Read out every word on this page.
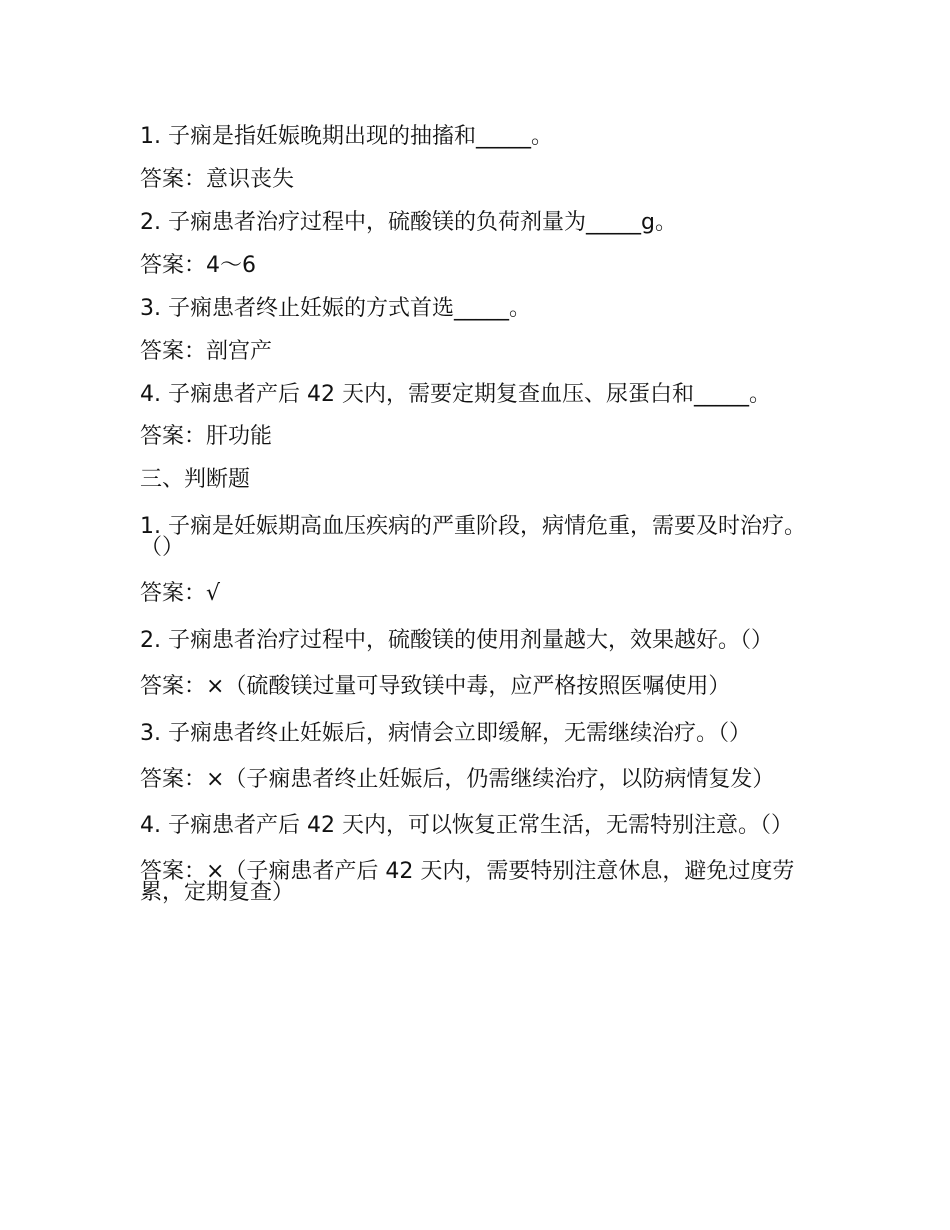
1. 子痫是指妊娠晚期出现的抽搐和_____。

答案：意识丧失

2. 子痫患者治疗过程中，硫酸镁的负荷剂量为_____g。

答案：4～6

3. 子痫患者终止妊娠的方式首选_____。

答案：剖宫产

4. 子痫患者产后 42 天内，需要定期复查血压、尿蛋白和_____。

答案：肝功能

三、判断题

1. 子痫是妊娠期高血压疾病的严重阶段，病情危重，需要及时治疗。（）

答案：√

2. 子痫患者治疗过程中，硫酸镁的使用剂量越大，效果越好。（）

答案：×（硫酸镁过量可导致镁中毒，应严格按照医嘱使用）

3. 子痫患者终止妊娠后，病情会立即缓解，无需继续治疗。（）

答案：×（子痫患者终止妊娠后，仍需继续治疗，以防病情复发）

4. 子痫患者产后 42 天内，可以恢复正常生活，无需特别注意。（）

答案：×（子痫患者产后 42 天内，需要特别注意休息，避免过度劳累，定期复查）
